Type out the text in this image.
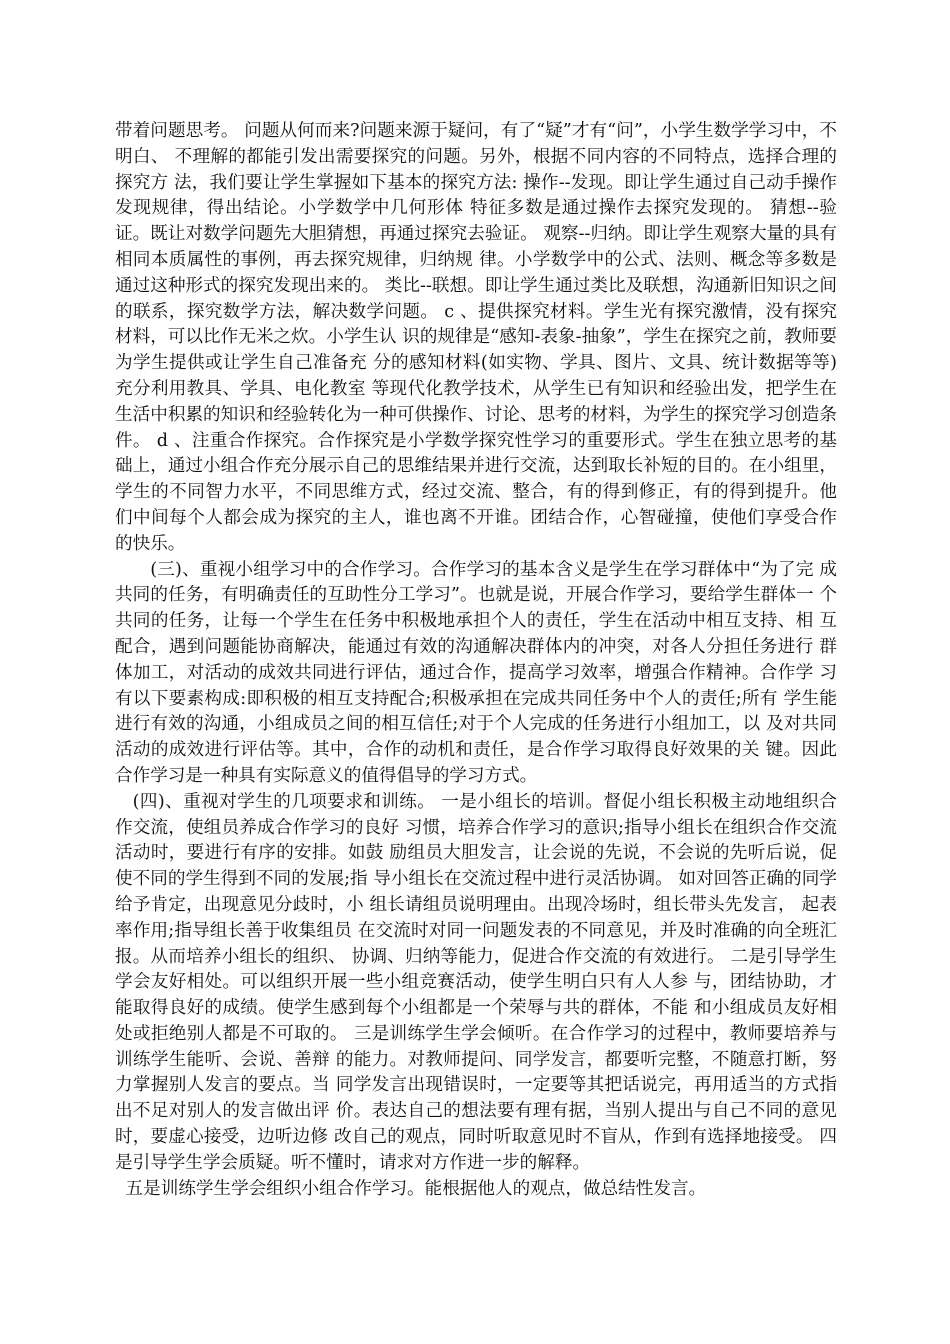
带着问题思考。 问题从何而来?问题来源于疑问，有了“疑”才有“问”，小学生数学学习中，不明白、 不理解的都能引发出需要探究的问题。另外，根据不同内容的不同特点，选择合理的探究方 法，我们要让学生掌握如下基本的探究方法: 操作--发现。即让学生通过自己动手操作发现规律，得出结论。小学数学中几何形体 特征多数是通过操作去探究发现的。 猜想--验证。既让对数学问题先大胆猜想，再通过探究去验证。 观察--归纳。即让学生观察大量的具有相同本质属性的事例，再去探究规律，归纳规 律。小学数学中的公式、法则、概念等多数是通过这种形式的探究发现出来的。 类比--联想。即让学生通过类比及联想，沟通新旧知识之间的联系，探究数学方法，解决数学问题。 c 、提供探究材料。学生光有探究激情，没有探究材料，可以比作无米之炊。小学生认 识的规律是“感知-表象-抽象”，学生在探究之前，教师要为学生提供或让学生自己准备充 分的感知材料(如实物、学具、图片、文具、统计数据等等)充分利用教具、学具、电化教室 等现代化教学技术，从学生已有知识和经验出发，把学生在生活中积累的知识和经验转化为一种可供操作、讨论、思考的材料，为学生的探究学习创造条件。 d 、注重合作探究。合作探究是小学数学探究性学习的重要形式。学生在独立思考的基 础上，通过小组合作充分展示自己的思维结果并进行交流，达到取长补短的目的。在小组里， 学生的不同智力水平，不同思维方式，经过交流、整合，有的得到修正，有的得到提升。他 们中间每个人都会成为探究的主人，谁也离不开谁。团结合作，心智碰撞，使他们享受合作 的快乐。

(三)、重视小组学习中的合作学习。合作学习的基本含义是学生在学习群体中“为了完 成共同的任务，有明确责任的互助性分工学习”。也就是说，开展合作学习，要给学生群体一 个共同的任务，让每一个学生在任务中积极地承担个人的责任，学生在活动中相互支持、相 互配合，遇到问题能协商解决，能通过有效的沟通解决群体内的冲突，对各人分担任务进行 群体加工，对活动的成效共同进行评估，通过合作，提高学习效率，增强合作精神。合作学 习有以下要素构成:即积极的相互支持配合;积极承担在完成共同任务中个人的责任;所有 学生能进行有效的沟通，小组成员之间的相互信任;对于个人完成的任务进行小组加工，以 及对共同活动的成效进行评估等。其中，合作的动机和责任，是合作学习取得良好效果的关 键。因此合作学习是一种具有实际意义的值得倡导的学习方式。

(四)、重视对学生的几项要求和训练。 一是小组长的培训。督促小组长积极主动地组织合作交流，使组员养成合作学习的良好 习惯，培养合作学习的意识;指导小组长在组织合作交流活动时，要进行有序的安排。如鼓 励组员大胆发言，让会说的先说，不会说的先听后说，促使不同的学生得到不同的发展;指 导小组长在交流过程中进行灵活协调。 如对回答正确的同学给予肯定，出现意见分歧时，小 组长请组员说明理由。出现冷场时，组长带头先发言， 起表率作用;指导组长善于收集组员 在交流时对同一问题发表的不同意见，并及时准确的向全班汇报。从而培养小组长的组织、 协调、归纳等能力，促进合作交流的有效进行。 二是引导学生学会友好相处。可以组织开展一些小组竞赛活动，使学生明白只有人人参 与，团结协助，才能取得良好的成绩。使学生感到每个小组都是一个荣辱与共的群体，不能 和小组成员友好相处或拒绝别人都是不可取的。 三是训练学生学会倾听。在合作学习的过程中，教师要培养与训练学生能听、会说、善辩 的能力。对教师提问、同学发言，都要听完整，不随意打断，努力掌握别人发言的要点。当 同学发言出现错误时，一定要等其把话说完，再用适当的方式指出不足对别人的发言做出评 价。表达自己的想法要有理有据，当别人提出与自己不同的意见时，要虚心接受，边听边修 改自己的观点，同时听取意见时不盲从，作到有选择地接受。 四是引导学生学会质疑。听不懂时，请求对方作进一步的解释。

五是训练学生学会组织小组合作学习。能根据他人的观点，做总结性发言。
